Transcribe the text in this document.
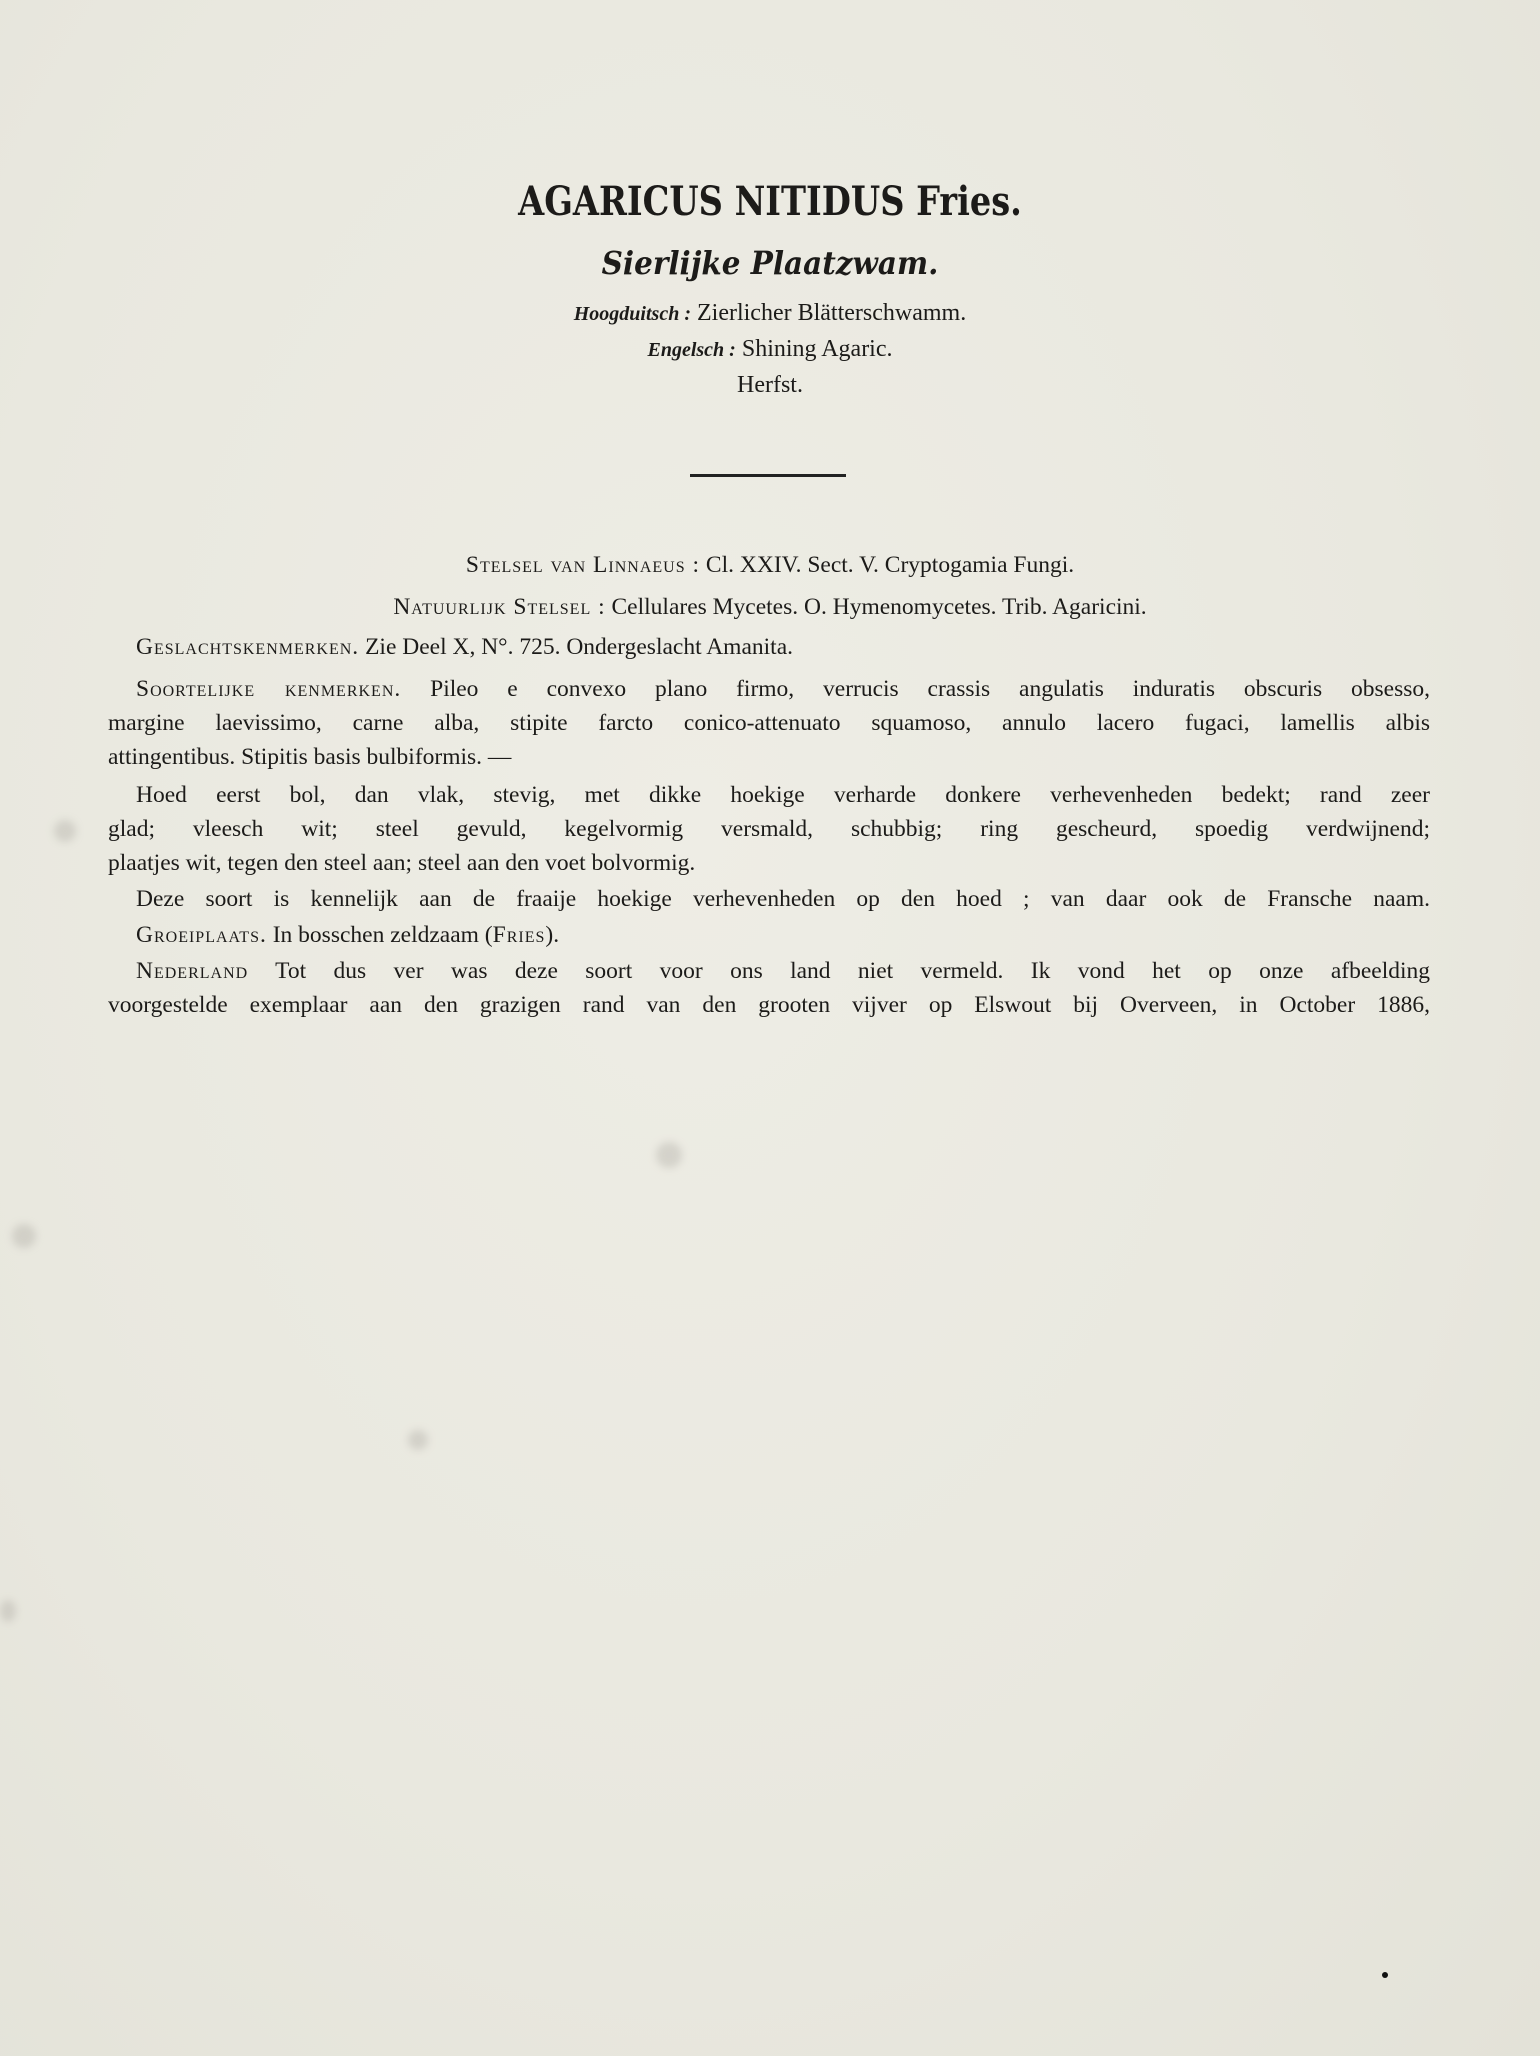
AGARICUS NITIDUS Fries.
Sierlijke Plaatzwam.
Hoogduitsch : Zierlicher Blätterschwamm.
Engelsch : Shining Agaric.
Herfst.
Stelsel van Linnaeus : Cl. XXIV. Sect. V. Cryptogamia Fungi.
Natuurlijk Stelsel : Cellulares Mycetes. O. Hymenomycetes. Trib. Agaricini.
Geslachtskenmerken. Zie Deel X, N°. 725. Ondergeslacht Amanita.
Soortelijke kenmerken. Pileo e convexo plano firmo, verrucis crassis angulatis induratis obscuris obsesso,
margine laevissimo, carne alba, stipite farcto conico-attenuato squamoso, annulo lacero fugaci, lamellis albis
attingentibus. Stipitis basis bulbiformis. —
Hoed eerst bol, dan vlak, stevig, met dikke hoekige verharde donkere verhevenheden bedekt; rand zeer
glad; vleesch wit; steel gevuld, kegelvormig versmald, schubbig; ring gescheurd, spoedig verdwijnend;
plaatjes wit, tegen den steel aan; steel aan den voet bolvormig.
Deze soort is kennelijk aan de fraaije hoekige verhevenheden op den hoed ; van daar ook de Fransche naam.
Groeiplaats. In bosschen zeldzaam (Fries).
Nederland Tot dus ver was deze soort voor ons land niet vermeld. Ik vond het op onze afbeelding
voorgestelde exemplaar aan den grazigen rand van den grooten vijver op Elswout bij Overveen, in October 1886,
